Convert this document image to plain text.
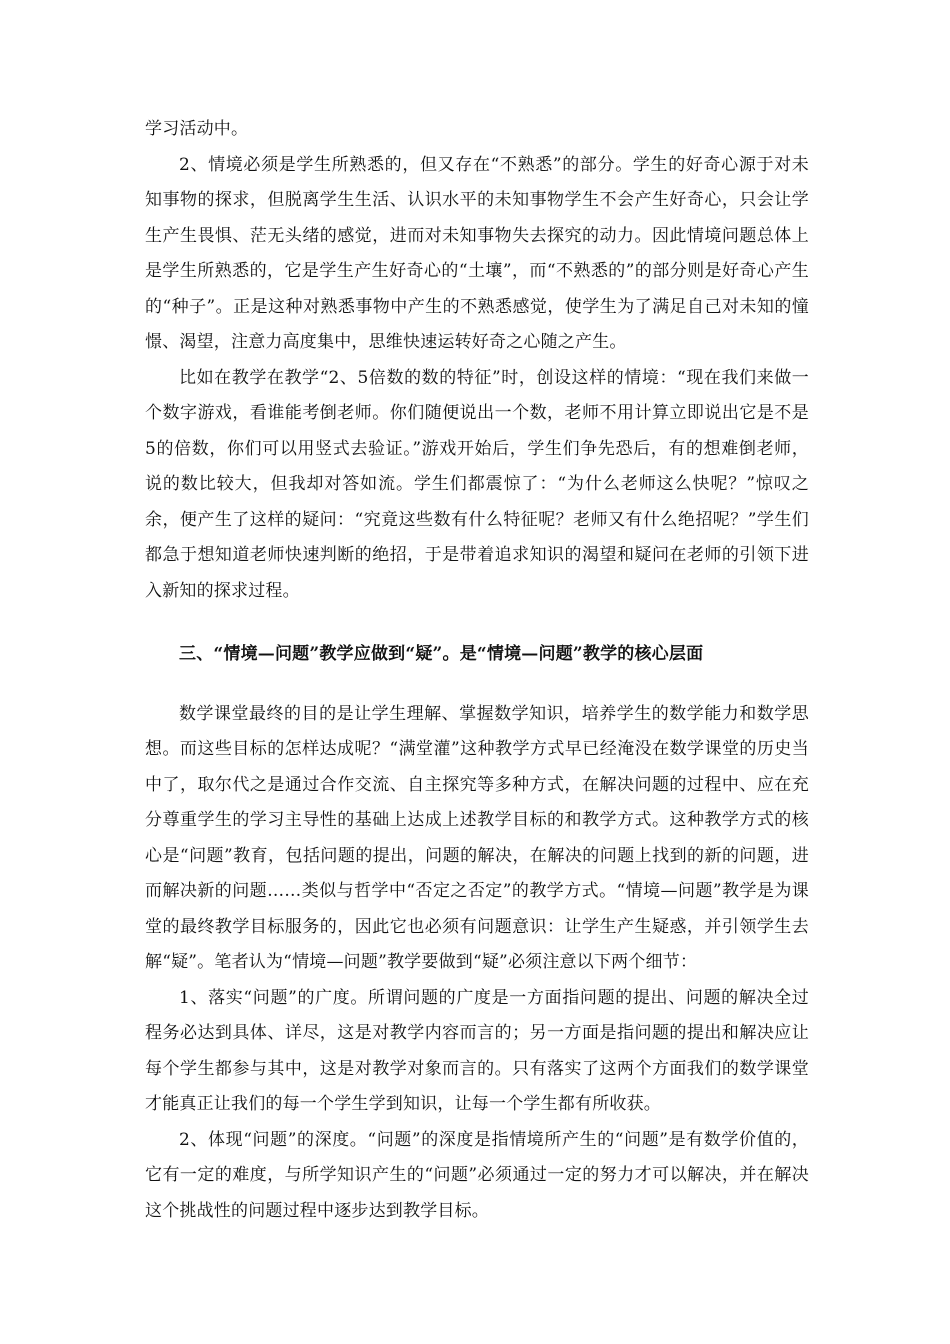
学习活动中。

2、情境必须是学生所熟悉的，但又存在“不熟悉”的部分。学生的好奇心源于对未知事物的探求，但脱离学生生活、认识水平的未知事物学生不会产生好奇心，只会让学生产生畏惧、茫无头绪的感觉，进而对未知事物失去探究的动力。因此情境问题总体上是学生所熟悉的，它是学生产生好奇心的“土壤”，而“不熟悉的”的部分则是好奇心产生的“种子”。正是这种对熟悉事物中产生的不熟悉感觉，使学生为了满足自己对未知的憧憬、渴望，注意力高度集中，思维快速运转好奇之心随之产生。

比如在教学在教学“2、5倍数的数的特征”时，创设这样的情境：“现在我们来做一个数字游戏，看谁能考倒老师。你们随便说出一个数，老师不用计算立即说出它是不是5的倍数，你们可以用竖式去验证。”游戏开始后，学生们争先恐后，有的想难倒老师，说的数比较大，但我却对答如流。学生们都震惊了：“为什么老师这么快呢？”惊叹之余，便产生了这样的疑问：“究竟这些数有什么特征呢？老师又有什么绝招呢？”学生们都急于想知道老师快速判断的绝招，于是带着追求知识的渴望和疑问在老师的引领下进入新知的探求过程。

三、“情境—问题”教学应做到“疑”。是“情境—问题”教学的核心层面

数学课堂最终的目的是让学生理解、掌握数学知识，培养学生的数学能力和数学思想。而这些目标的怎样达成呢？“满堂灌”这种教学方式早已经淹没在数学课堂的历史当中了，取尔代之是通过合作交流、自主探究等多种方式，在解决问题的过程中、应在充分尊重学生的学习主导性的基础上达成上述教学目标的和教学方式。这种教学方式的核心是“问题”教育，包括问题的提出，问题的解决，在解决的问题上找到的新的问题，进而解决新的问题……类似与哲学中“否定之否定”的教学方式。“情境—问题”教学是为课堂的最终教学目标服务的，因此它也必须有问题意识：让学生产生疑惑，并引领学生去解“疑”。笔者认为“情境—问题”教学要做到“疑”必须注意以下两个细节：

1、落实“问题”的广度。所谓问题的广度是一方面指问题的提出、问题的解决全过程务必达到具体、详尽，这是对教学内容而言的；另一方面是指问题的提出和解决应让每个学生都参与其中，这是对教学对象而言的。只有落实了这两个方面我们的数学课堂才能真正让我们的每一个学生学到知识，让每一个学生都有所收获。

2、体现“问题”的深度。“问题”的深度是指情境所产生的“问题”是有数学价值的，它有一定的难度，与所学知识产生的“问题”必须通过一定的努力才可以解决，并在解决这个挑战性的问题过程中逐步达到教学目标。
